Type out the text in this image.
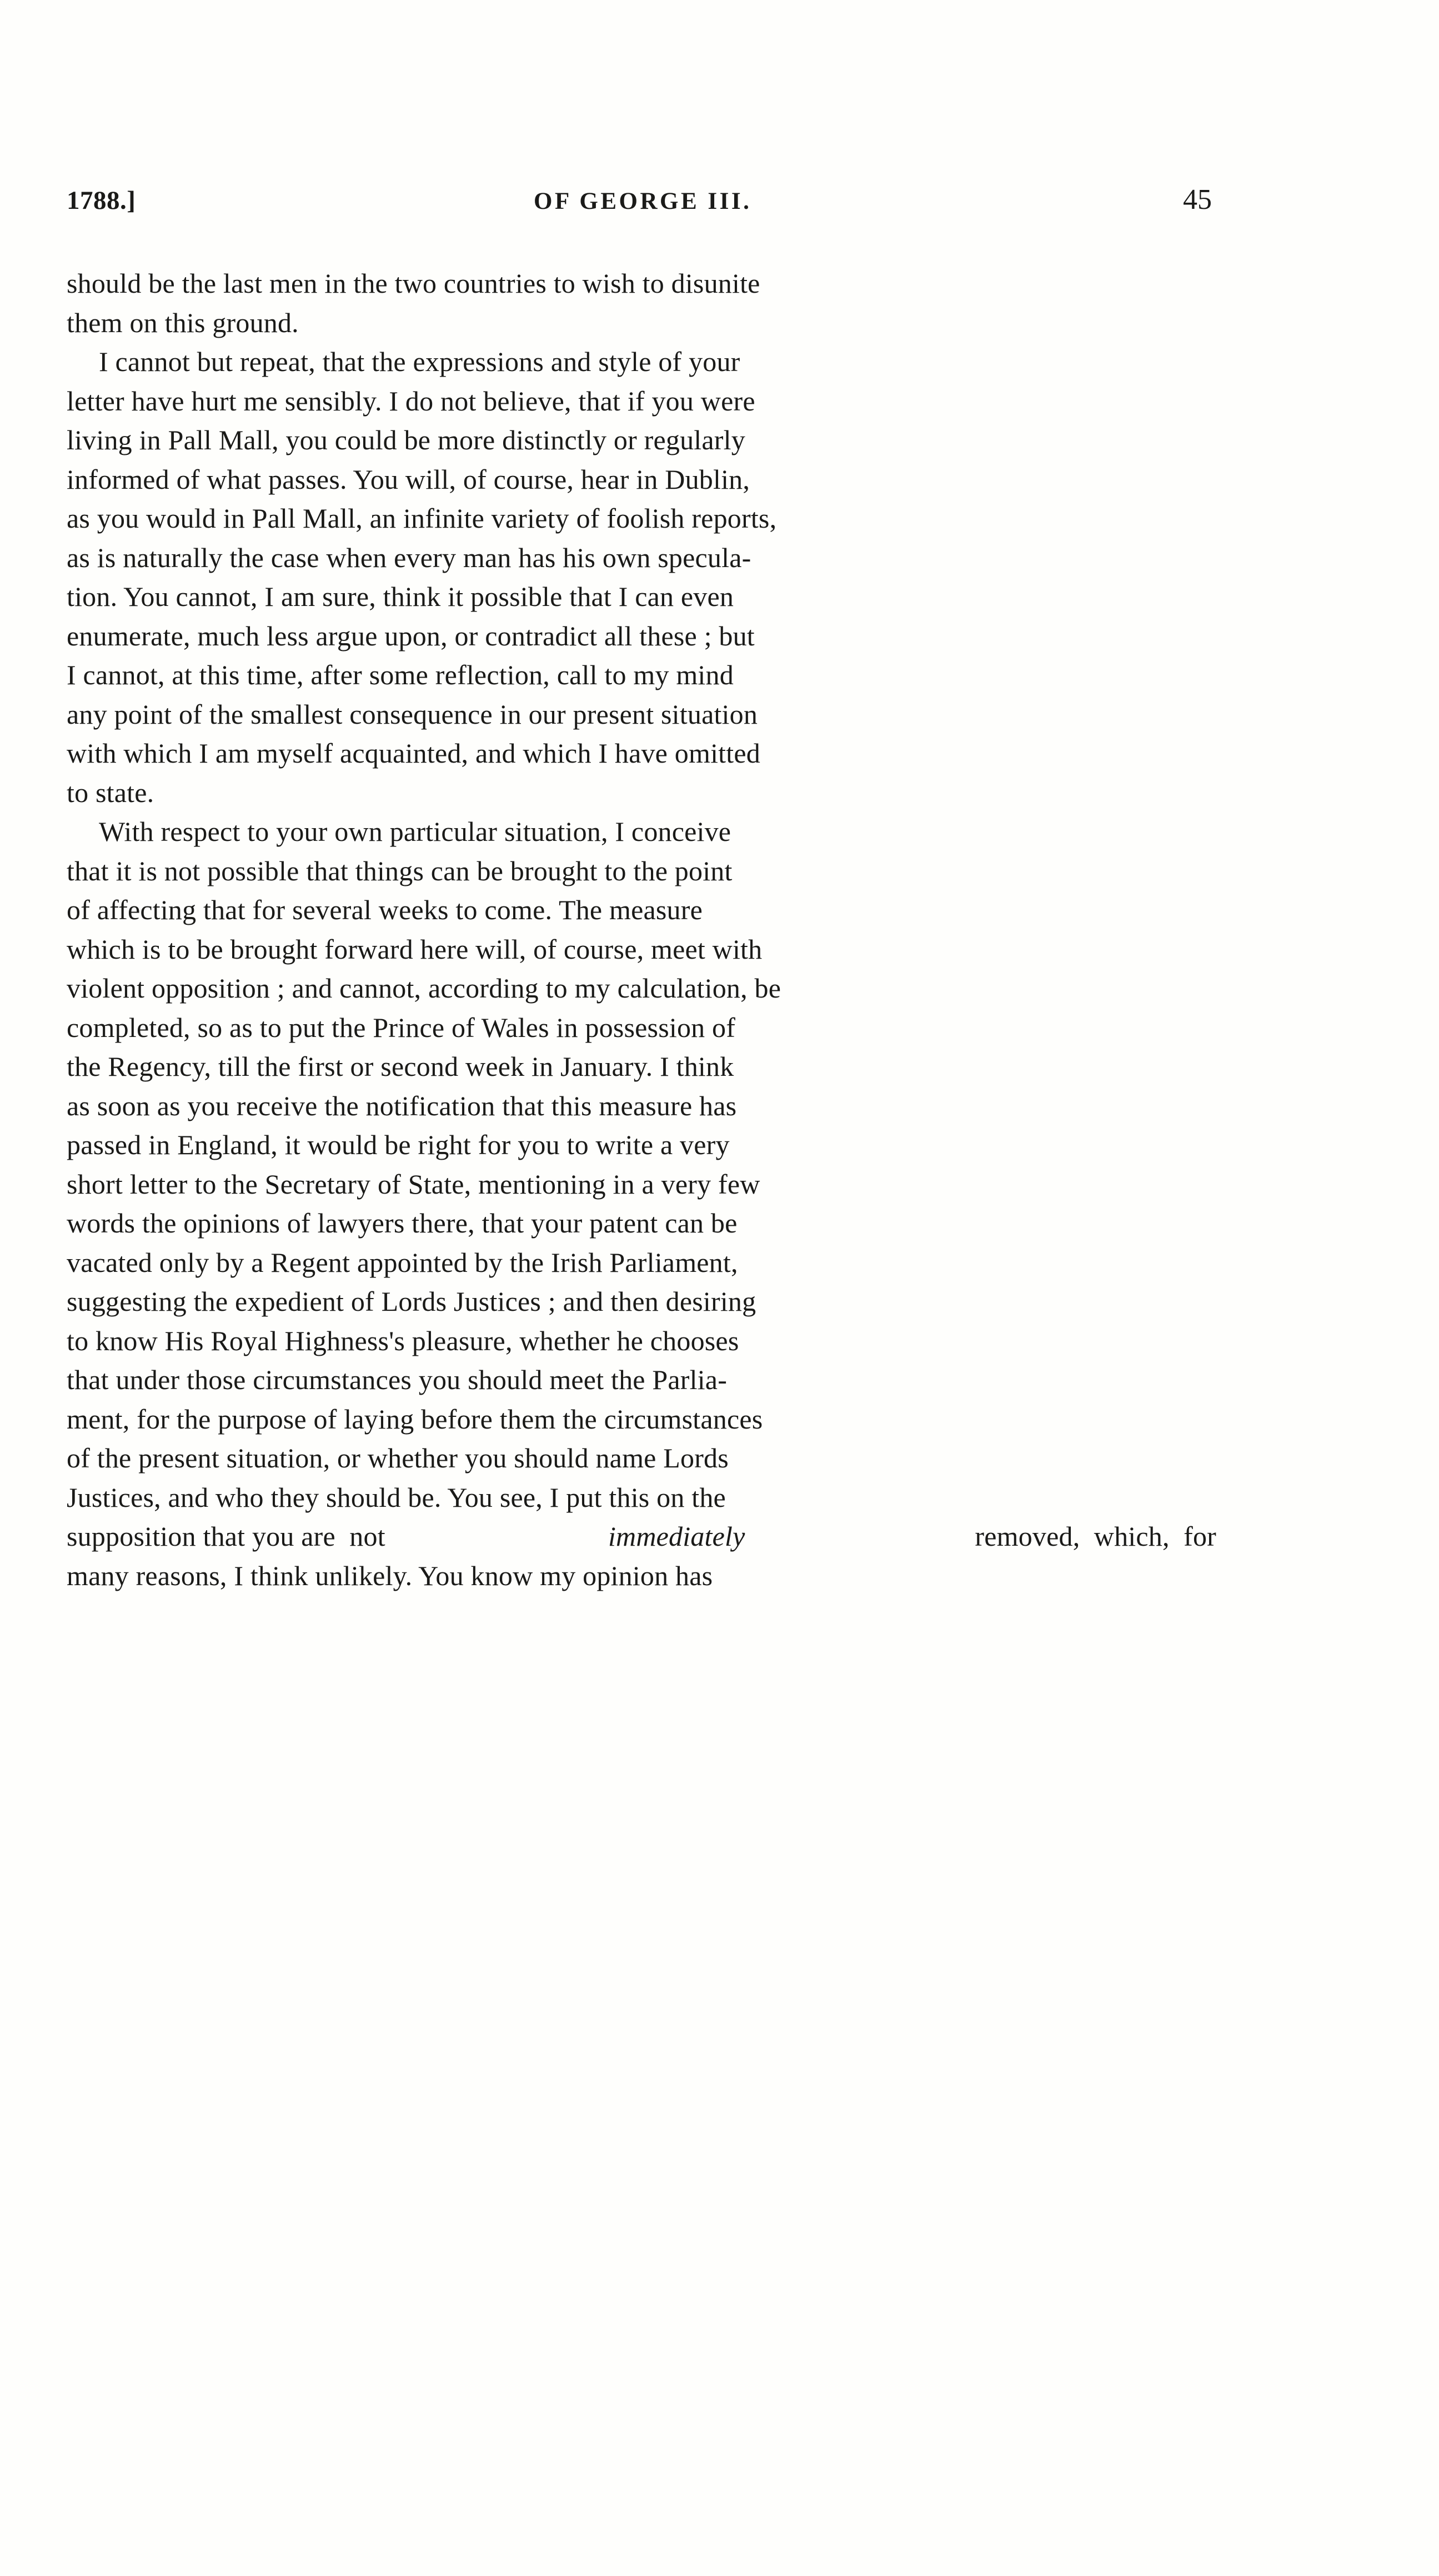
1788.]	OF GEORGE III.	45

should be the last men in the two countries to wish to disunite
them on this ground.

I cannot but repeat, that the expressions and style of your
letter have hurt me sensibly. I do not believe, that if you were
living in Pall Mall, you could be more distinctly or regularly
informed of what passes. You will, of course, hear in Dublin,
as you would in Pall Mall, an infinite variety of foolish reports,
as is naturally the case when every man has his own specula-
tion. You cannot, I am sure, think it possible that I can even
enumerate, much less argue upon, or contradict all these ; but
I cannot, at this time, after some reflection, call to my mind
any point of the smallest consequence in our present situation
with which I am myself acquainted, and which I have omitted
to state.

With respect to your own particular situation, I conceive
that it is not possible that things can be brought to the point
of affecting that for several weeks to come. The measure
which is to be brought forward here will, of course, meet with
violent opposition ; and cannot, according to my calculation, be
completed, so as to put the Prince of Wales in possession of
the Regency, till the first or second week in January. I think
as soon as you receive the notification that this measure has
passed in England, it would be right for you to write a very
short letter to the Secretary of State, mentioning in a very few
words the opinions of lawyers there, that your patent can be
vacated only by a Regent appointed by the Irish Parliament,
suggesting the expedient of Lords Justices ; and then desiring
to know His Royal Highness's pleasure, whether he chooses
that under those circumstances you should meet the Parlia-
ment, for the purpose of laying before them the circumstances
of the present situation, or whether you should name Lords
Justices, and who they should be. You see, I put this on the
supposition that you are  not	immediately	removed,  which,  for
many reasons, I think unlikely. You know my opinion has
